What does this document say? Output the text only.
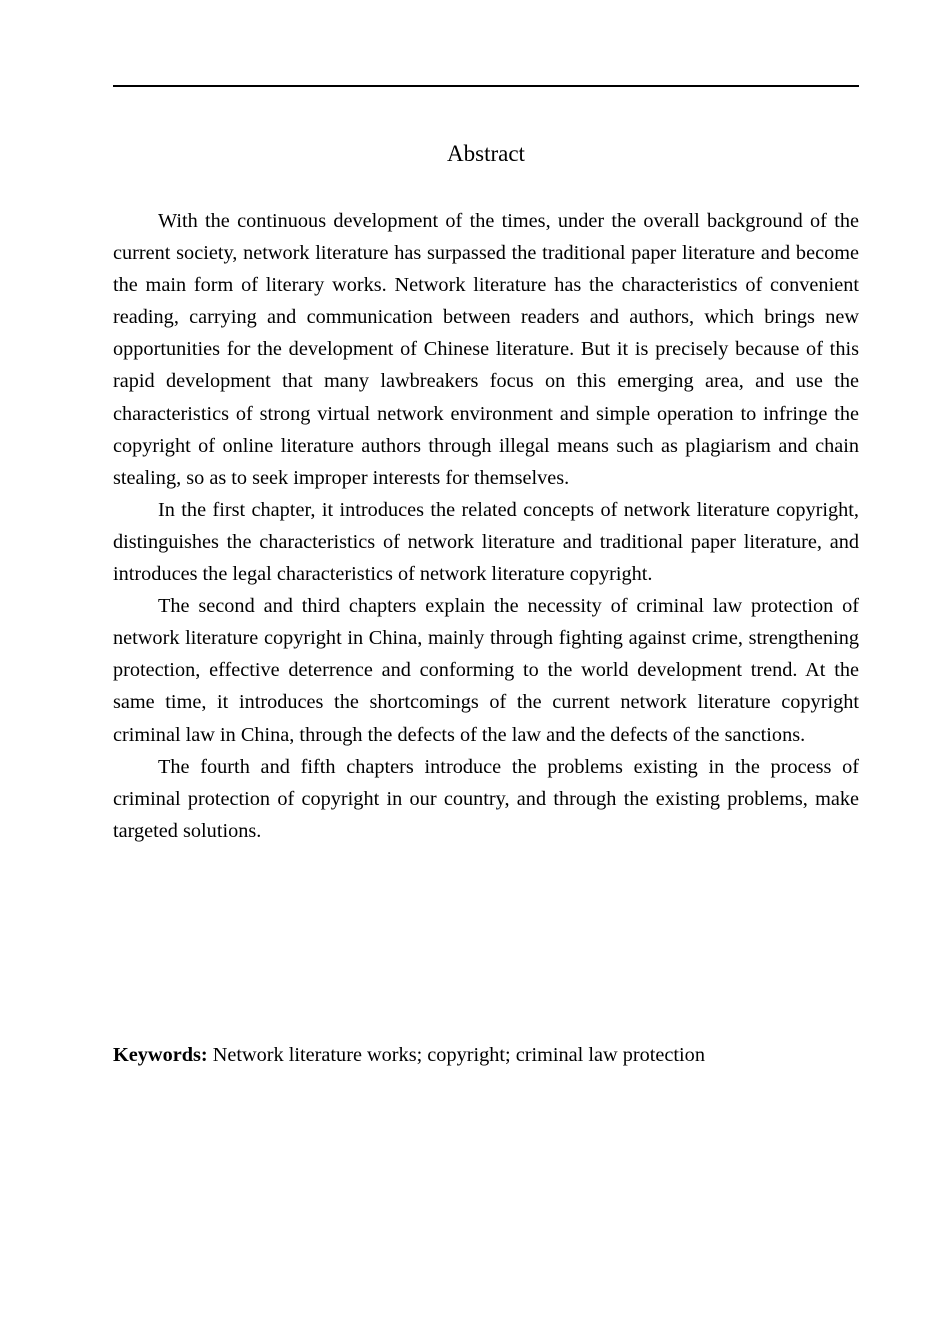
Abstract

With the continuous development of the times, under the overall background of the current society, network literature has surpassed the traditional paper literature and become the main form of literary works. Network literature has the characteristics of convenient reading, carrying and communication between readers and authors, which brings new opportunities for the development of Chinese literature. But it is precisely because of this rapid development that many lawbreakers focus on this emerging area, and use the characteristics of strong virtual network environment and simple operation to infringe the copyright of online literature authors through illegal means such as plagiarism and chain stealing, so as to seek improper interests for themselves.

In the first chapter, it introduces the related concepts of network literature copyright, distinguishes the characteristics of network literature and traditional paper literature, and introduces the legal characteristics of network literature copyright.

The second and third chapters explain the necessity of criminal law protection of network literature copyright in China, mainly through fighting against crime, strengthening protection, effective deterrence and conforming to the world development trend. At the same time, it introduces the shortcomings of the current network literature copyright criminal law in China, through the defects of the law and the defects of the sanctions.

The fourth and fifth chapters introduce the problems existing in the process of criminal protection of copyright in our country, and through the existing problems, make targeted solutions.

Keywords: Network literature works; copyright; criminal law protection
